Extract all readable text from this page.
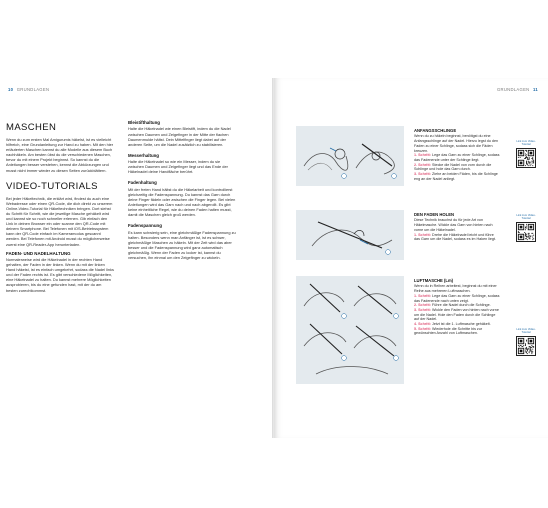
10 GRUNDLAGEN
MASCHEN

Wenn du zum ersten Mal Amigurumis häkelst, ist es vielleicht hilfreich, eine Grundanleitung zur Hand zu haben. Mit den hier erläuterten Maschen kannst du alle Modelle aus diesem Buch nachhäkeln. Am besten übst du die verschiedenen Maschen, bevor du mit einem Projekt beginnst. So kannst du die Anleitungen besser verstehen, kennst die Abkürzungen und musst nicht immer wieder zu diesen Seiten zurückblättern.

VIDEO-TUTORIALS

Bei jeder Häkeltechnik, die erklärt wird, findest du auch eine Webadresse oder einen QR-Code, die dich direkt zu unserem Online-Video-Tutorial für Häkeltechniken bringen. Dort siehst du Schritt für Schritt, wie die jeweilige Masche gehäkelt wird und kannst sie so noch schneller erlernen. Gib einfach den Link in deinen Browser ein oder scanne den QR-Code mit deinem Smartphone. Bei Telefonen mit iOS-Betriebssystem kann der QR-Code einfach im Kameramodus gescannt werden. Bei Telefonen mit Android musst du möglicherweise zuerst eine QR-Reader-App herunterladen.

FADEN- UND NADELHALTUNG

Normalerweise wird die Häkelnadel in der rechten Hand gehalten, der Faden in der linken. Wenn du mit der linken Hand häkelst, ist es einfach umgekehrt, sodass die Nadel links und der Faden rechts ist. Es gibt verschiedene Möglichkeiten, eine Häkelnadel zu halten. Du kannst mehrere Möglichkeiten ausprobieren, bis du eine gefunden hast, mit der du am besten zurechtkommst.

Bleistifthaltung

Halte die Häkelnadel wie einen Bleistift, indem du die Nadel zwischen Daumen und Zeigefinger in der Mitte der flachen Daumenmulde hältst. Dein Mittelfinger liegt dabei auf der anderen Seite, um die Nadel zusätzlich zu stabilisieren.

Messerhaltung

Halte die Häkelnadel so wie ein Messer, indem du sie zwischen Daumen und Zeigefinger liegt und das Ende der Häkelnadel deine Handfläche berührt.

Fadenhaltung

Mit der freien Hand hältst du die Häkelarbeit und kontrollierst gleichzeitig die Fadenspannung. Du kannst das Garn durch deine Finger fädeln oder zwischen die Finger legen. Bei vielen Anleitungen wird das Garn nach und nach abgerollt. Es gibt keine einheitliche Regel, wie du deinen Faden halten musst, damit die Maschen gleich groß werden.

Fadenspannung

Es kann schwierig sein, eine gleichmäßige Fadenspannung zu halten. Besonders wenn man Anfänger ist, ist es schwer, gleichmäßige Maschen zu häkeln. Mit der Zeit wird das aber besser und die Fadenspannung wird ganz automatisch gleichmäßig. Wenn der Faden zu locker ist, kannst du versuchen, ihn einmal um den Zeigefinger zu wickeln.

GRUNDLAGEN 11
ANFANGSSCHLINGE

Wenn du zu häkeln beginnst, benötigst du eine Anfangsschlinge auf der Nadel. Hierzu legst du den Faden zu einer Schlinge, sodass sich die Fäden kreuzen.

1. Schritt: Lege das Garn zu einer Schlinge, sodass das Fadenende unter der Schlinge liegt.

2. Schritt: Stecke die Nadel von vorn durch die Schlinge und hole das Garn durch.

3. Schritt: Ziehe an beiden Fäden, bis die Schlinge eng an der Nadel anliegt.

Link zum Video-Tutorial
DEN FADEN HOLEN

Diese Technik brauchst du für jede Art von Häkelmasche. Wickle das Garn von hinten nach vorne um die Häkelnadel.

1. Schritt: Drehe die Häkelnadel leicht und führe das Garn um die Nadel, sodass es im Haken liegt.

Link zum Video-Tutorial
LUFTMASCHE (Lm)

Wenn du in Reihen arbeitest, beginnst du mit einer Reihe aus mehreren Luftmaschen.

1. Schritt: Lege das Garn zu einer Schlinge, sodass das Fadenende nach unten zeigt.

2. Schritt: Führe die Nadel durch die Schlinge.

3. Schritt: Wickle den Faden von hinten nach vorne um die Nadel. Hole den Faden durch die Schlinge auf der Nadel.

4. Schritt: Jetzt ist die 1. Luftmasche gehäkelt.

5. Schritt: Wiederhole die Schritte bis zur gewünschten Anzahl von Luftmaschen.

Link zum Video-Tutorial
